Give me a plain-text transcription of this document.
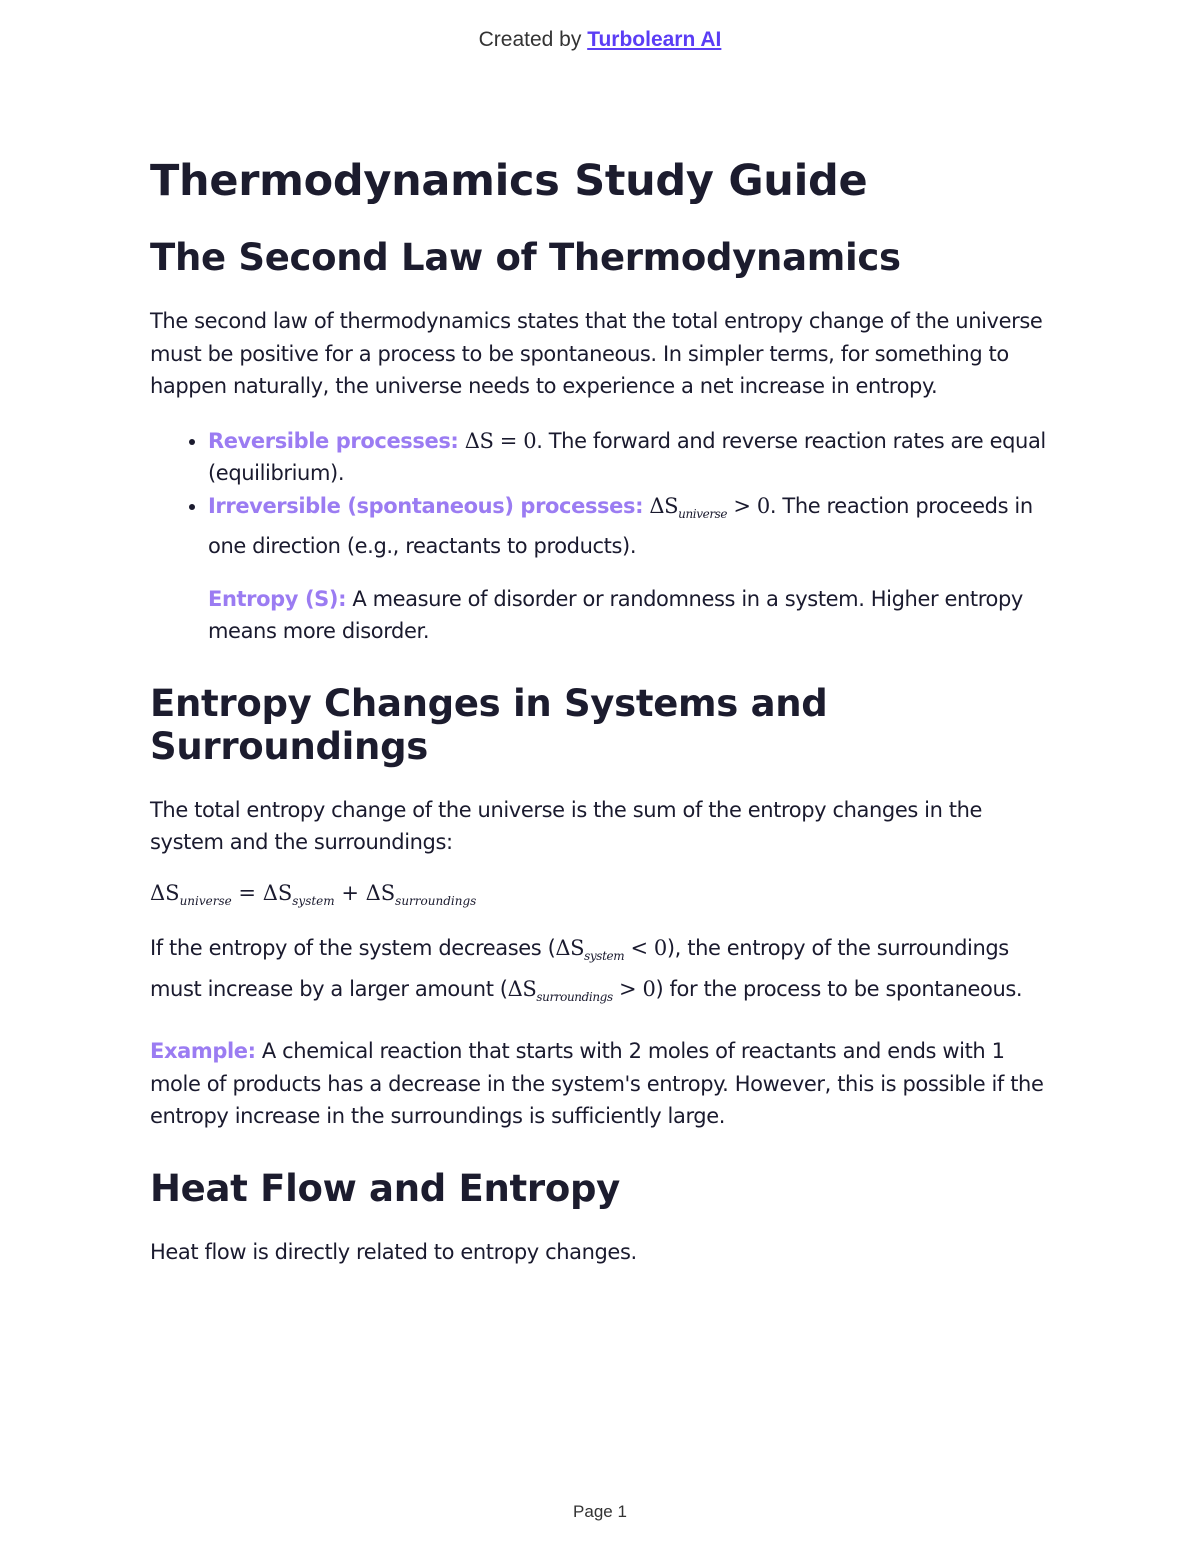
Created by Turbolearn AI
Thermodynamics Study Guide
The Second Law of Thermodynamics

The second law of thermodynamics states that the total entropy change of the universe must be positive for a process to be spontaneous. In simpler terms, for something to happen naturally, the universe needs to experience a net increase in entropy.

• Reversible processes: ΔS = 0. The forward and reverse reaction rates are equal (equilibrium).
• Irreversible (spontaneous) processes: $\Delta S_{universe} > 0$. The reaction proceeds in one direction (e.g., reactants to products).

Entropy (S): A measure of disorder or randomness in a system. Higher entropy means more disorder.

Entropy Changes in Systems and Surroundings

The total entropy change of the universe is the sum of the entropy changes in the system and the surroundings:

$\Delta S_{universe} = \Delta S_{system} + \Delta S_{surroundings}$

If the entropy of the system decreases $(\Delta S_{system} < 0)$, the entropy of the surroundings must increase by a larger amount $(\Delta S_{surroundings} > 0)$ for the process to be spontaneous.

Example: A chemical reaction that starts with 2 moles of reactants and ends with 1 mole of products has a decrease in the system's entropy. However, this is possible if the entropy increase in the surroundings is sufficiently large.

Heat Flow and Entropy

Heat flow is directly related to entropy changes.

Page 1
